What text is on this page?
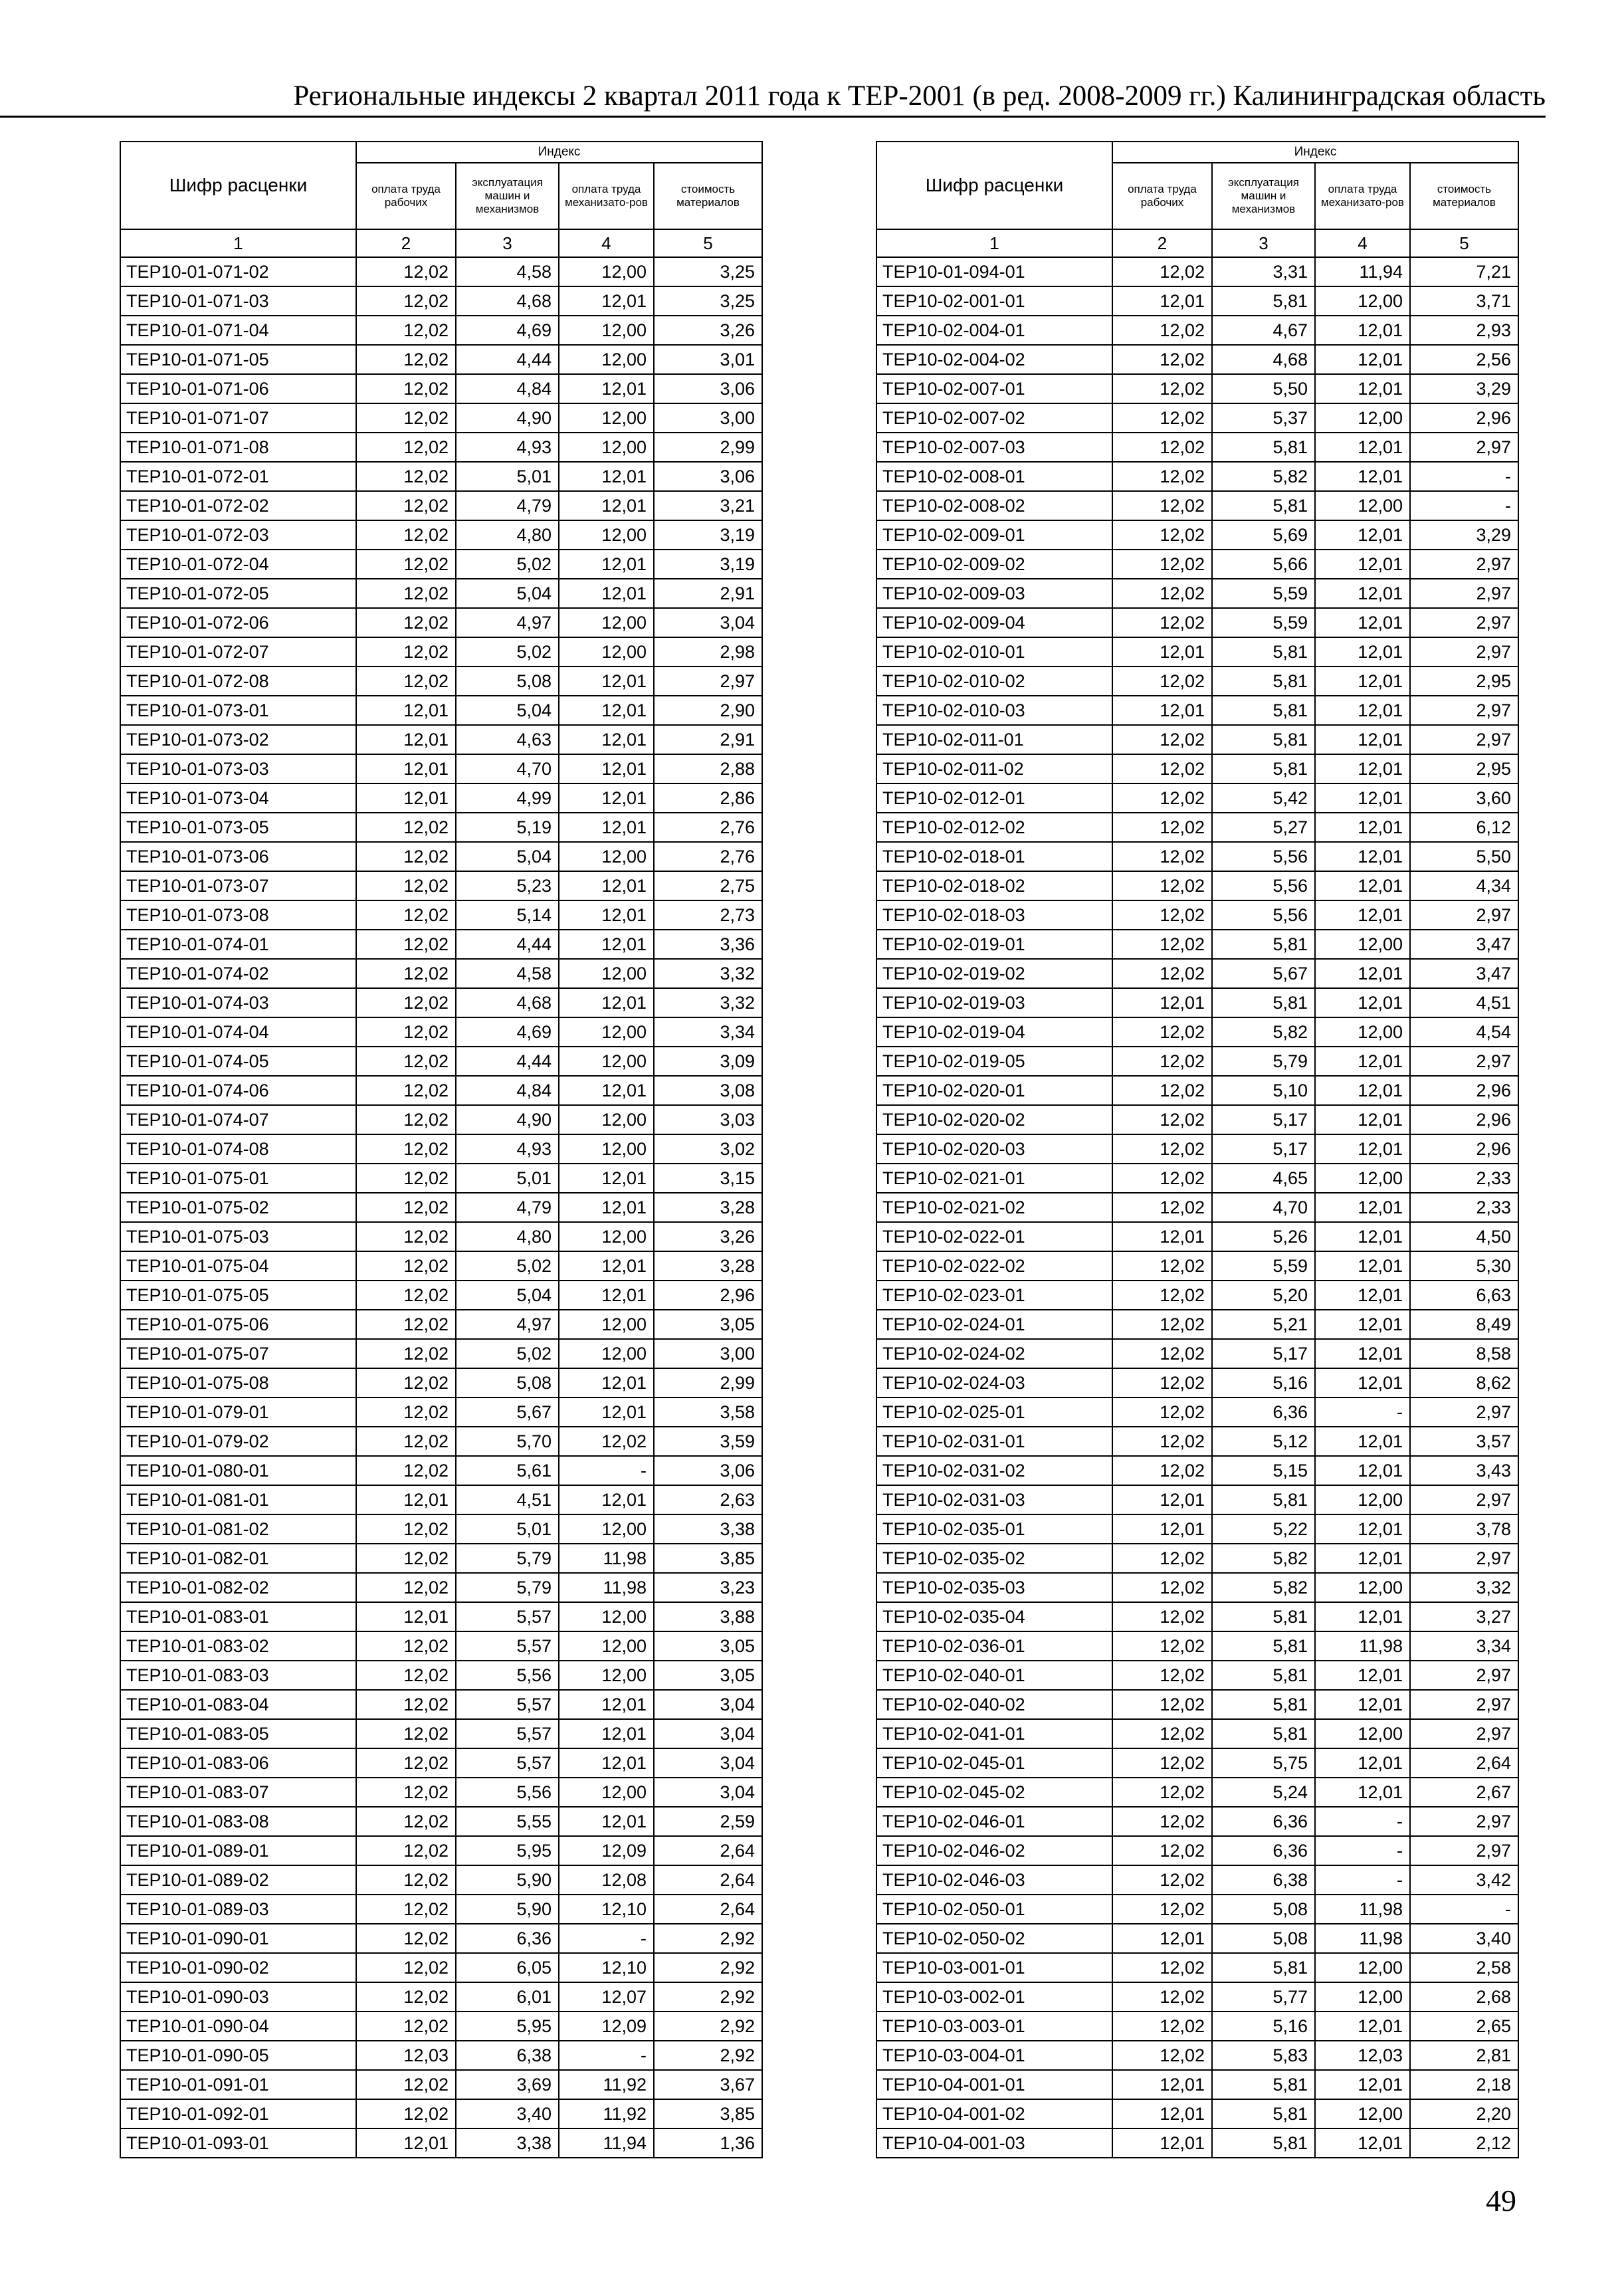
Региональные индексы 2 квартал 2011 года к ТЕР-2001 (в ред. 2008-2009 гг.) Калининградская область
Шифр расценки	Индекс			
	оплата труда рабочих	эксплуатация машин и механизмов	оплата труда механизато-ров	стоимость материалов
1	2	3	4	5
ТЕР10-01-071-02	12,02	4,58	12,00	3,25
ТЕР10-01-071-03	12,02	4,68	12,01	3,25
ТЕР10-01-071-04	12,02	4,69	12,00	3,26
ТЕР10-01-071-05	12,02	4,44	12,00	3,01
ТЕР10-01-071-06	12,02	4,84	12,01	3,06
ТЕР10-01-071-07	12,02	4,90	12,00	3,00
ТЕР10-01-071-08	12,02	4,93	12,00	2,99
ТЕР10-01-072-01	12,02	5,01	12,01	3,06
ТЕР10-01-072-02	12,02	4,79	12,01	3,21
ТЕР10-01-072-03	12,02	4,80	12,00	3,19
ТЕР10-01-072-04	12,02	5,02	12,01	3,19
ТЕР10-01-072-05	12,02	5,04	12,01	2,91
ТЕР10-01-072-06	12,02	4,97	12,00	3,04
ТЕР10-01-072-07	12,02	5,02	12,00	2,98
ТЕР10-01-072-08	12,02	5,08	12,01	2,97
ТЕР10-01-073-01	12,01	5,04	12,01	2,90
ТЕР10-01-073-02	12,01	4,63	12,01	2,91
ТЕР10-01-073-03	12,01	4,70	12,01	2,88
ТЕР10-01-073-04	12,01	4,99	12,01	2,86
ТЕР10-01-073-05	12,02	5,19	12,01	2,76
ТЕР10-01-073-06	12,02	5,04	12,00	2,76
ТЕР10-01-073-07	12,02	5,23	12,01	2,75
ТЕР10-01-073-08	12,02	5,14	12,01	2,73
ТЕР10-01-074-01	12,02	4,44	12,01	3,36
ТЕР10-01-074-02	12,02	4,58	12,00	3,32
ТЕР10-01-074-03	12,02	4,68	12,01	3,32
ТЕР10-01-074-04	12,02	4,69	12,00	3,34
ТЕР10-01-074-05	12,02	4,44	12,00	3,09
ТЕР10-01-074-06	12,02	4,84	12,01	3,08
ТЕР10-01-074-07	12,02	4,90	12,00	3,03
ТЕР10-01-074-08	12,02	4,93	12,00	3,02
ТЕР10-01-075-01	12,02	5,01	12,01	3,15
ТЕР10-01-075-02	12,02	4,79	12,01	3,28
ТЕР10-01-075-03	12,02	4,80	12,00	3,26
ТЕР10-01-075-04	12,02	5,02	12,01	3,28
ТЕР10-01-075-05	12,02	5,04	12,01	2,96
ТЕР10-01-075-06	12,02	4,97	12,00	3,05
ТЕР10-01-075-07	12,02	5,02	12,00	3,00
ТЕР10-01-075-08	12,02	5,08	12,01	2,99
ТЕР10-01-079-01	12,02	5,67	12,01	3,58
ТЕР10-01-079-02	12,02	5,70	12,02	3,59
ТЕР10-01-080-01	12,02	5,61	-	3,06
ТЕР10-01-081-01	12,01	4,51	12,01	2,63
ТЕР10-01-081-02	12,02	5,01	12,00	3,38
ТЕР10-01-082-01	12,02	5,79	11,98	3,85
ТЕР10-01-082-02	12,02	5,79	11,98	3,23
ТЕР10-01-083-01	12,01	5,57	12,00	3,88
ТЕР10-01-083-02	12,02	5,57	12,00	3,05
ТЕР10-01-083-03	12,02	5,56	12,00	3,05
ТЕР10-01-083-04	12,02	5,57	12,01	3,04
ТЕР10-01-083-05	12,02	5,57	12,01	3,04
ТЕР10-01-083-06	12,02	5,57	12,01	3,04
ТЕР10-01-083-07	12,02	5,56	12,00	3,04
ТЕР10-01-083-08	12,02	5,55	12,01	2,59
ТЕР10-01-089-01	12,02	5,95	12,09	2,64
ТЕР10-01-089-02	12,02	5,90	12,08	2,64
ТЕР10-01-089-03	12,02	5,90	12,10	2,64
ТЕР10-01-090-01	12,02	6,36	-	2,92
ТЕР10-01-090-02	12,02	6,05	12,10	2,92
ТЕР10-01-090-03	12,02	6,01	12,07	2,92
ТЕР10-01-090-04	12,02	5,95	12,09	2,92
ТЕР10-01-090-05	12,03	6,38	-	2,92
ТЕР10-01-091-01	12,02	3,69	11,92	3,67
ТЕР10-01-092-01	12,02	3,40	11,92	3,85
ТЕР10-01-093-01	12,01	3,38	11,94	1,36
Шифр расценки	Индекс			
	оплата труда рабочих	эксплуатация машин и механизмов	оплата труда механизато-ров	стоимость материалов
1	2	3	4	5
ТЕР10-01-094-01	12,02	3,31	11,94	7,21
ТЕР10-02-001-01	12,01	5,81	12,00	3,71
ТЕР10-02-004-01	12,02	4,67	12,01	2,93
ТЕР10-02-004-02	12,02	4,68	12,01	2,56
ТЕР10-02-007-01	12,02	5,50	12,01	3,29
ТЕР10-02-007-02	12,02	5,37	12,00	2,96
ТЕР10-02-007-03	12,02	5,81	12,01	2,97
ТЕР10-02-008-01	12,02	5,82	12,01	-
ТЕР10-02-008-02	12,02	5,81	12,00	-
ТЕР10-02-009-01	12,02	5,69	12,01	3,29
ТЕР10-02-009-02	12,02	5,66	12,01	2,97
ТЕР10-02-009-03	12,02	5,59	12,01	2,97
ТЕР10-02-009-04	12,02	5,59	12,01	2,97
ТЕР10-02-010-01	12,01	5,81	12,01	2,97
ТЕР10-02-010-02	12,02	5,81	12,01	2,95
ТЕР10-02-010-03	12,01	5,81	12,01	2,97
ТЕР10-02-011-01	12,02	5,81	12,01	2,97
ТЕР10-02-011-02	12,02	5,81	12,01	2,95
ТЕР10-02-012-01	12,02	5,42	12,01	3,60
ТЕР10-02-012-02	12,02	5,27	12,01	6,12
ТЕР10-02-018-01	12,02	5,56	12,01	5,50
ТЕР10-02-018-02	12,02	5,56	12,01	4,34
ТЕР10-02-018-03	12,02	5,56	12,01	2,97
ТЕР10-02-019-01	12,02	5,81	12,00	3,47
ТЕР10-02-019-02	12,02	5,67	12,01	3,47
ТЕР10-02-019-03	12,01	5,81	12,01	4,51
ТЕР10-02-019-04	12,02	5,82	12,00	4,54
ТЕР10-02-019-05	12,02	5,79	12,01	2,97
ТЕР10-02-020-01	12,02	5,10	12,01	2,96
ТЕР10-02-020-02	12,02	5,17	12,01	2,96
ТЕР10-02-020-03	12,02	5,17	12,01	2,96
ТЕР10-02-021-01	12,02	4,65	12,00	2,33
ТЕР10-02-021-02	12,02	4,70	12,01	2,33
ТЕР10-02-022-01	12,01	5,26	12,01	4,50
ТЕР10-02-022-02	12,02	5,59	12,01	5,30
ТЕР10-02-023-01	12,02	5,20	12,01	6,63
ТЕР10-02-024-01	12,02	5,21	12,01	8,49
ТЕР10-02-024-02	12,02	5,17	12,01	8,58
ТЕР10-02-024-03	12,02	5,16	12,01	8,62
ТЕР10-02-025-01	12,02	6,36	-	2,97
ТЕР10-02-031-01	12,02	5,12	12,01	3,57
ТЕР10-02-031-02	12,02	5,15	12,01	3,43
ТЕР10-02-031-03	12,01	5,81	12,00	2,97
ТЕР10-02-035-01	12,01	5,22	12,01	3,78
ТЕР10-02-035-02	12,02	5,82	12,01	2,97
ТЕР10-02-035-03	12,02	5,82	12,00	3,32
ТЕР10-02-035-04	12,02	5,81	12,01	3,27
ТЕР10-02-036-01	12,02	5,81	11,98	3,34
ТЕР10-02-040-01	12,02	5,81	12,01	2,97
ТЕР10-02-040-02	12,02	5,81	12,01	2,97
ТЕР10-02-041-01	12,02	5,81	12,00	2,97
ТЕР10-02-045-01	12,02	5,75	12,01	2,64
ТЕР10-02-045-02	12,02	5,24	12,01	2,67
ТЕР10-02-046-01	12,02	6,36	-	2,97
ТЕР10-02-046-02	12,02	6,36	-	2,97
ТЕР10-02-046-03	12,02	6,38	-	3,42
ТЕР10-02-050-01	12,02	5,08	11,98	-
ТЕР10-02-050-02	12,01	5,08	11,98	3,40
ТЕР10-03-001-01	12,02	5,81	12,00	2,58
ТЕР10-03-002-01	12,02	5,77	12,00	2,68
ТЕР10-03-003-01	12,02	5,16	12,01	2,65
ТЕР10-03-004-01	12,02	5,83	12,03	2,81
ТЕР10-04-001-01	12,01	5,81	12,01	2,18
ТЕР10-04-001-02	12,01	5,81	12,00	2,20
ТЕР10-04-001-03	12,01	5,81	12,01	2,12
49
